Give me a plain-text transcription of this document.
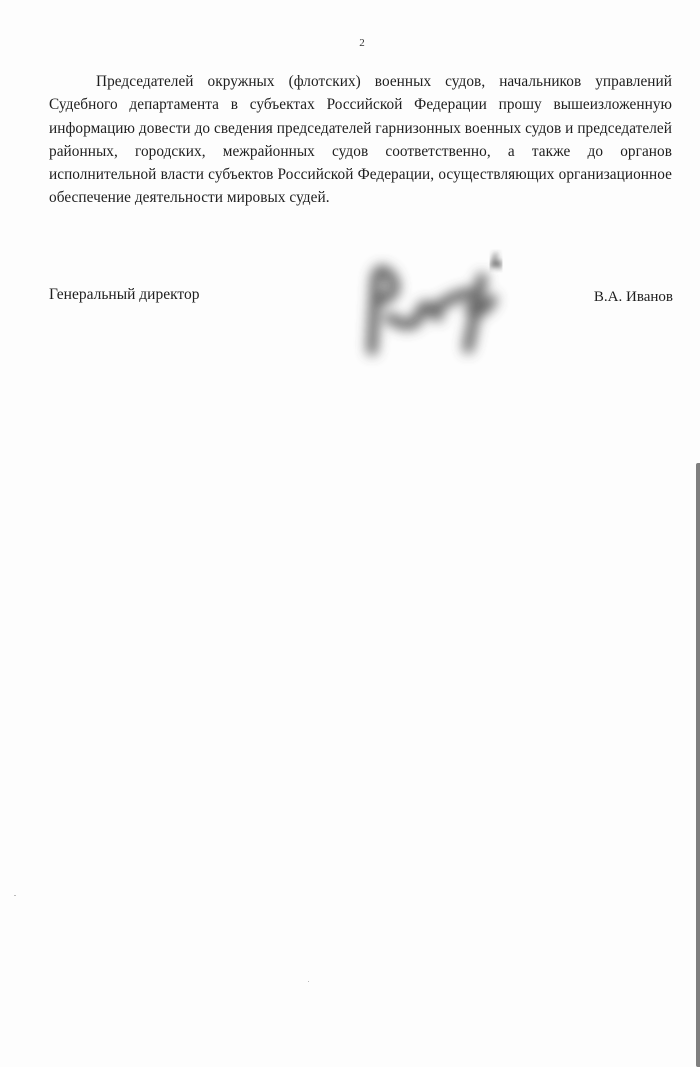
2

Председателей окружных (флотских) военных судов, начальников управлений Судебного департамента в субъектах Российской Федерации прошу вышеизложенную информацию довести до сведения председателей гарнизонных военных судов и председателей районных, городских, межрайонных судов соответственно, а также до органов исполнительной власти субъектов Российской Федерации, осуществляющих организационное обеспечение деятельности мировых судей.

Генеральный директор	В.А. Иванов
